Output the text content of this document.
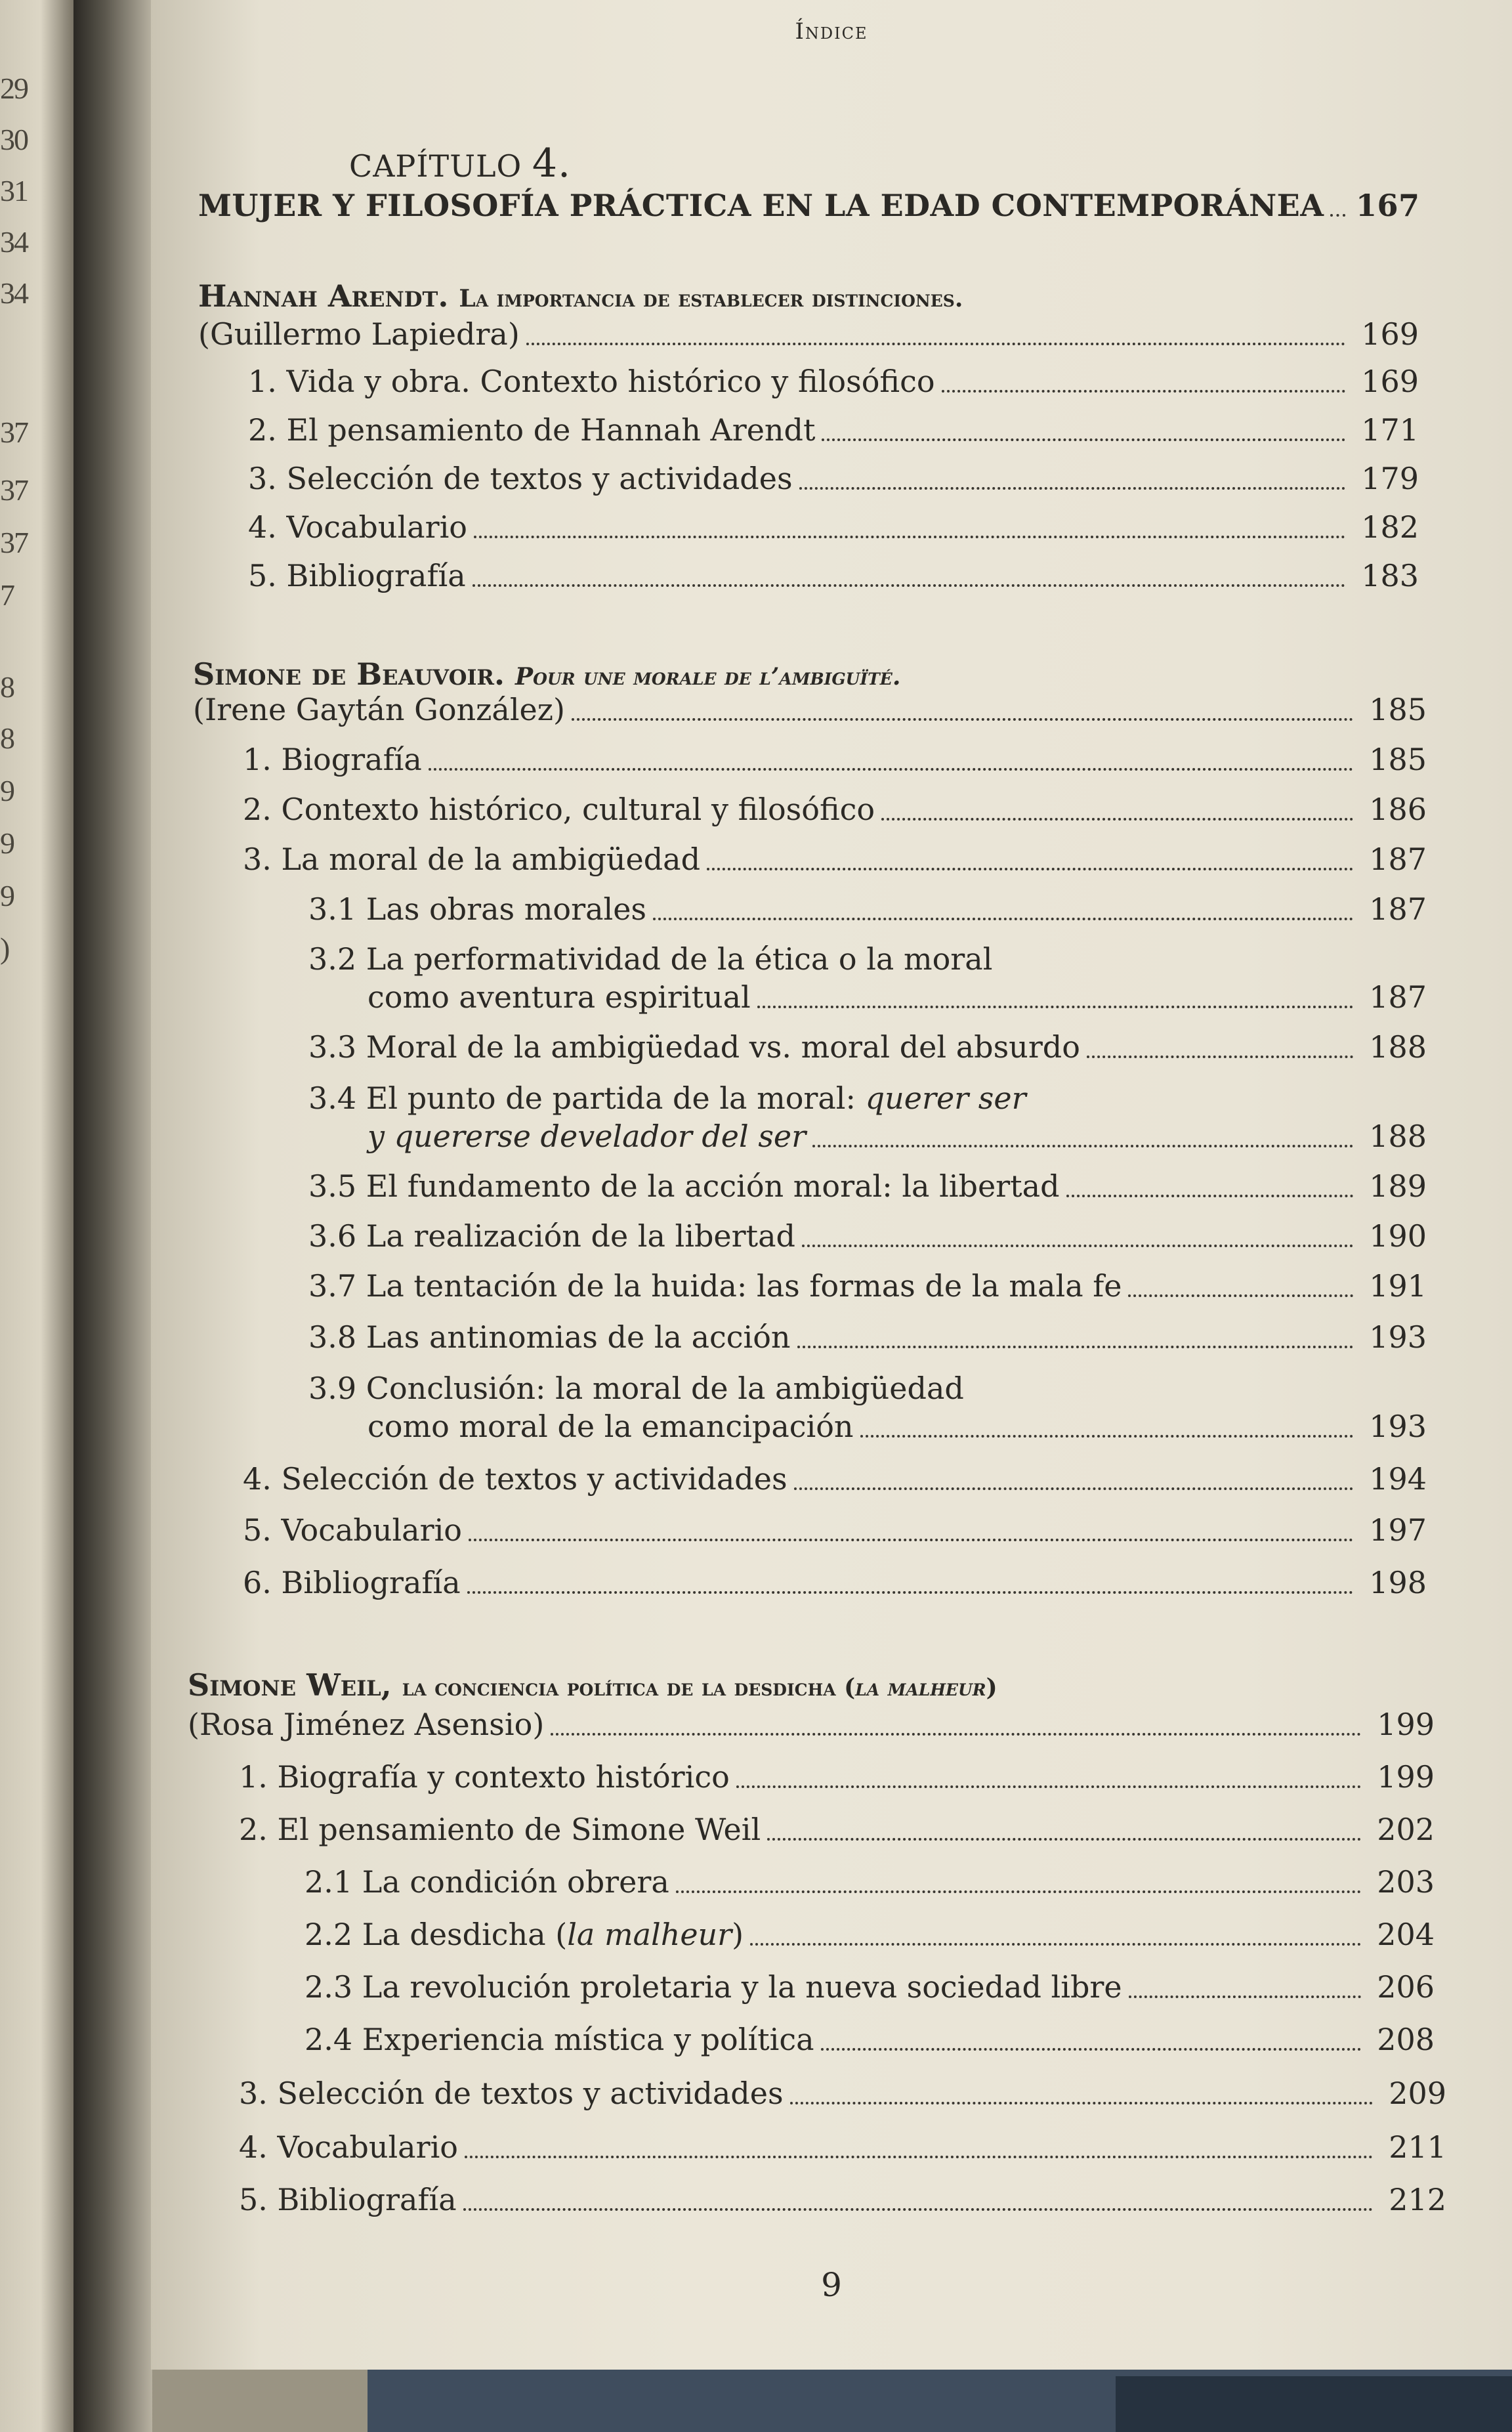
29
30
31
34
34
37
37
37
7
8
8
9
9
9
)
Índice
CAPÍTULO 4.
MUJER Y FILOSOFÍA PRÁCTICA EN LA EDAD CONTEMPORÁNEA 167
Hannah Arendt. La importancia de establecer distinciones.
(Guillermo Lapiedra)	169
1. Vida y obra. Contexto histórico y filosófico	169
2. El pensamiento de Hannah Arendt	171
3. Selección de textos y actividades	179
4. Vocabulario	182
5. Bibliografía	183
Simone de Beauvoir. Pour une morale de l’ambiguïté.
(Irene Gaytán González)	185
1. Biografía	185
2. Contexto histórico, cultural y filosófico	186
3. La moral de la ambigüedad	187
3.1 Las obras morales	187
3.2 La performatividad de la ética o la moral
como aventura espiritual	187
3.3 Moral de la ambigüedad vs. moral del absurdo	188
3.4 El punto de partida de la moral: querer ser
y quererse develador del ser	188
3.5 El fundamento de la acción moral: la libertad	189
3.6 La realización de la libertad	190
3.7 La tentación de la huida: las formas de la mala fe	191
3.8 Las antinomias de la acción	193
3.9 Conclusión: la moral de la ambigüedad
como moral de la emancipación	193
4. Selección de textos y actividades	194
5. Vocabulario	197
6. Bibliografía	198
Simone Weil, la conciencia política de la desdicha (la malheur)
(Rosa Jiménez Asensio)	199
1. Biografía y contexto histórico	199
2. El pensamiento de Simone Weil	202
2.1 La condición obrera	203
2.2 La desdicha (la malheur)	204
2.3 La revolución proletaria y la nueva sociedad libre	206
2.4 Experiencia mística y política	208
3. Selección de textos y actividades	209
4. Vocabulario	211
5. Bibliografía	212
9
